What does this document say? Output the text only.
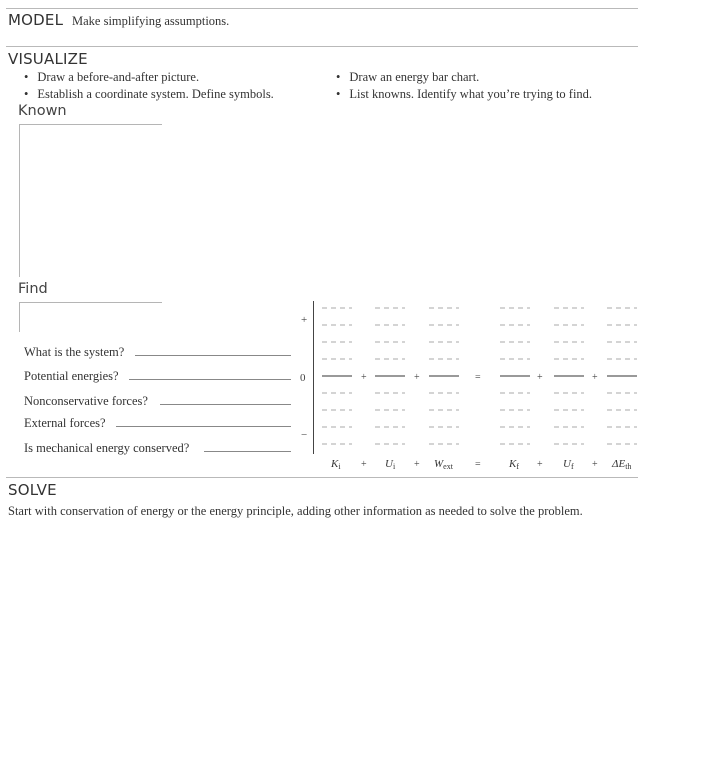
MODEL Make simplifying assumptions.
VISUALIZE
• Draw a before-and-after picture.
• Establish a coordinate system. Define symbols.
• Draw an energy bar chart.
• List knowns. Identify what you’re trying to find.
Known
Find
What is the system?
Potential energies?
Nonconservative forces?
External forces?
Is mechanical energy conserved?
+
0
−
Ki	Ui	Wext	Kf	Uf	ΔEth
+	+	=	+	+
+	+	=	+	+
SOLVE
Start with conservation of energy or the energy principle, adding other information as needed to solve the problem.
